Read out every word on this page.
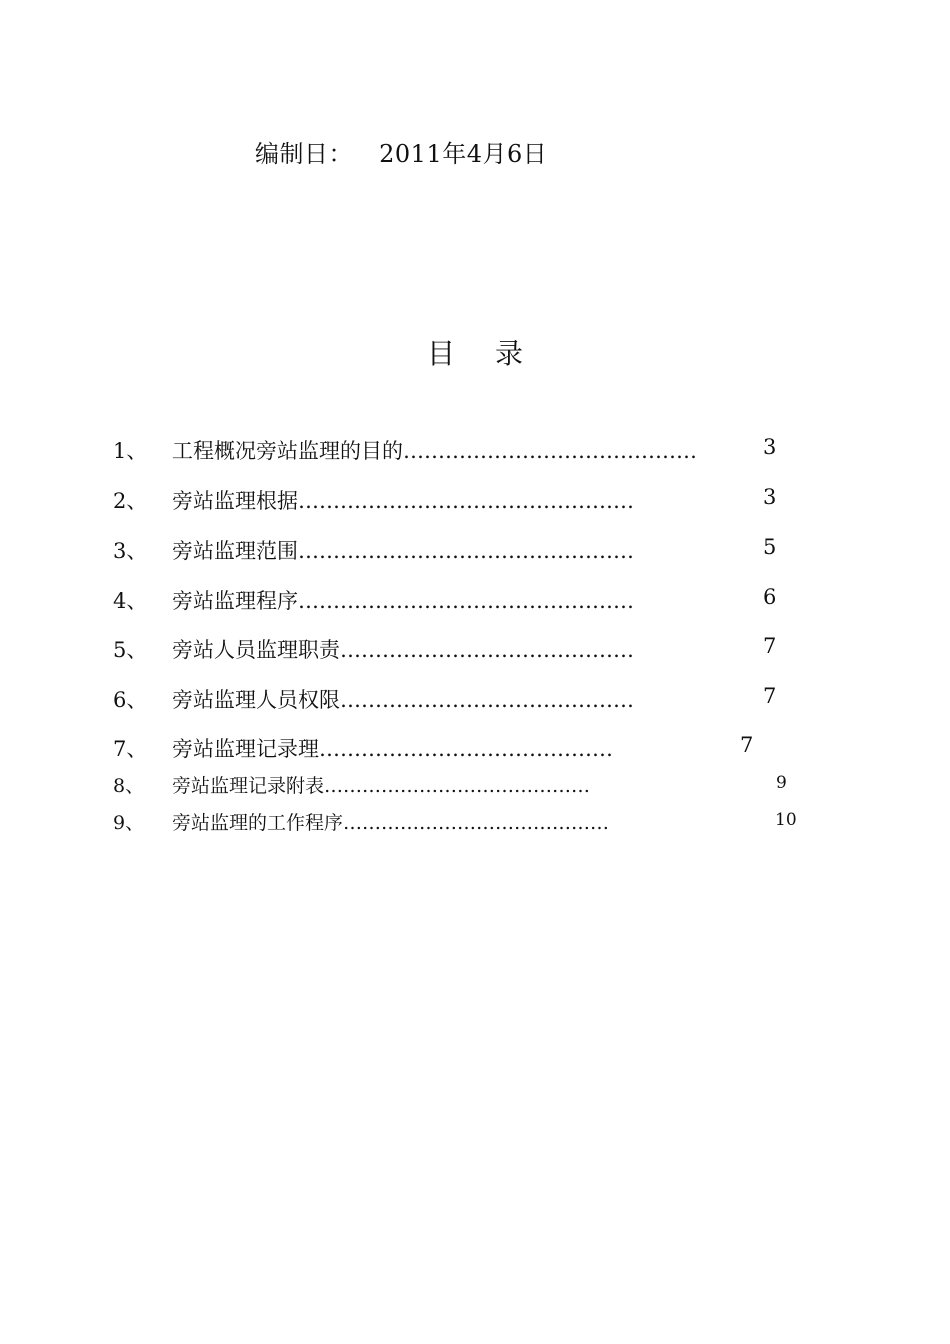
编制日： 2011年4月6日
目录
1、 工程概况旁站监理的目的……………………………………	3
2、 旁站监理根据…………………………………………	3
3、 旁站监理范围…………………………………………	5
4、 旁站监理程序…………………………………………	6
5、 旁站人员监理职责……………………………………	7
6、 旁站监理人员权限……………………………………	7
7、 旁站监理记录理……………………………………	7
8、 旁站监理记录附表……………………………………	9
9、 旁站监理的工作程序……………………………………	10
